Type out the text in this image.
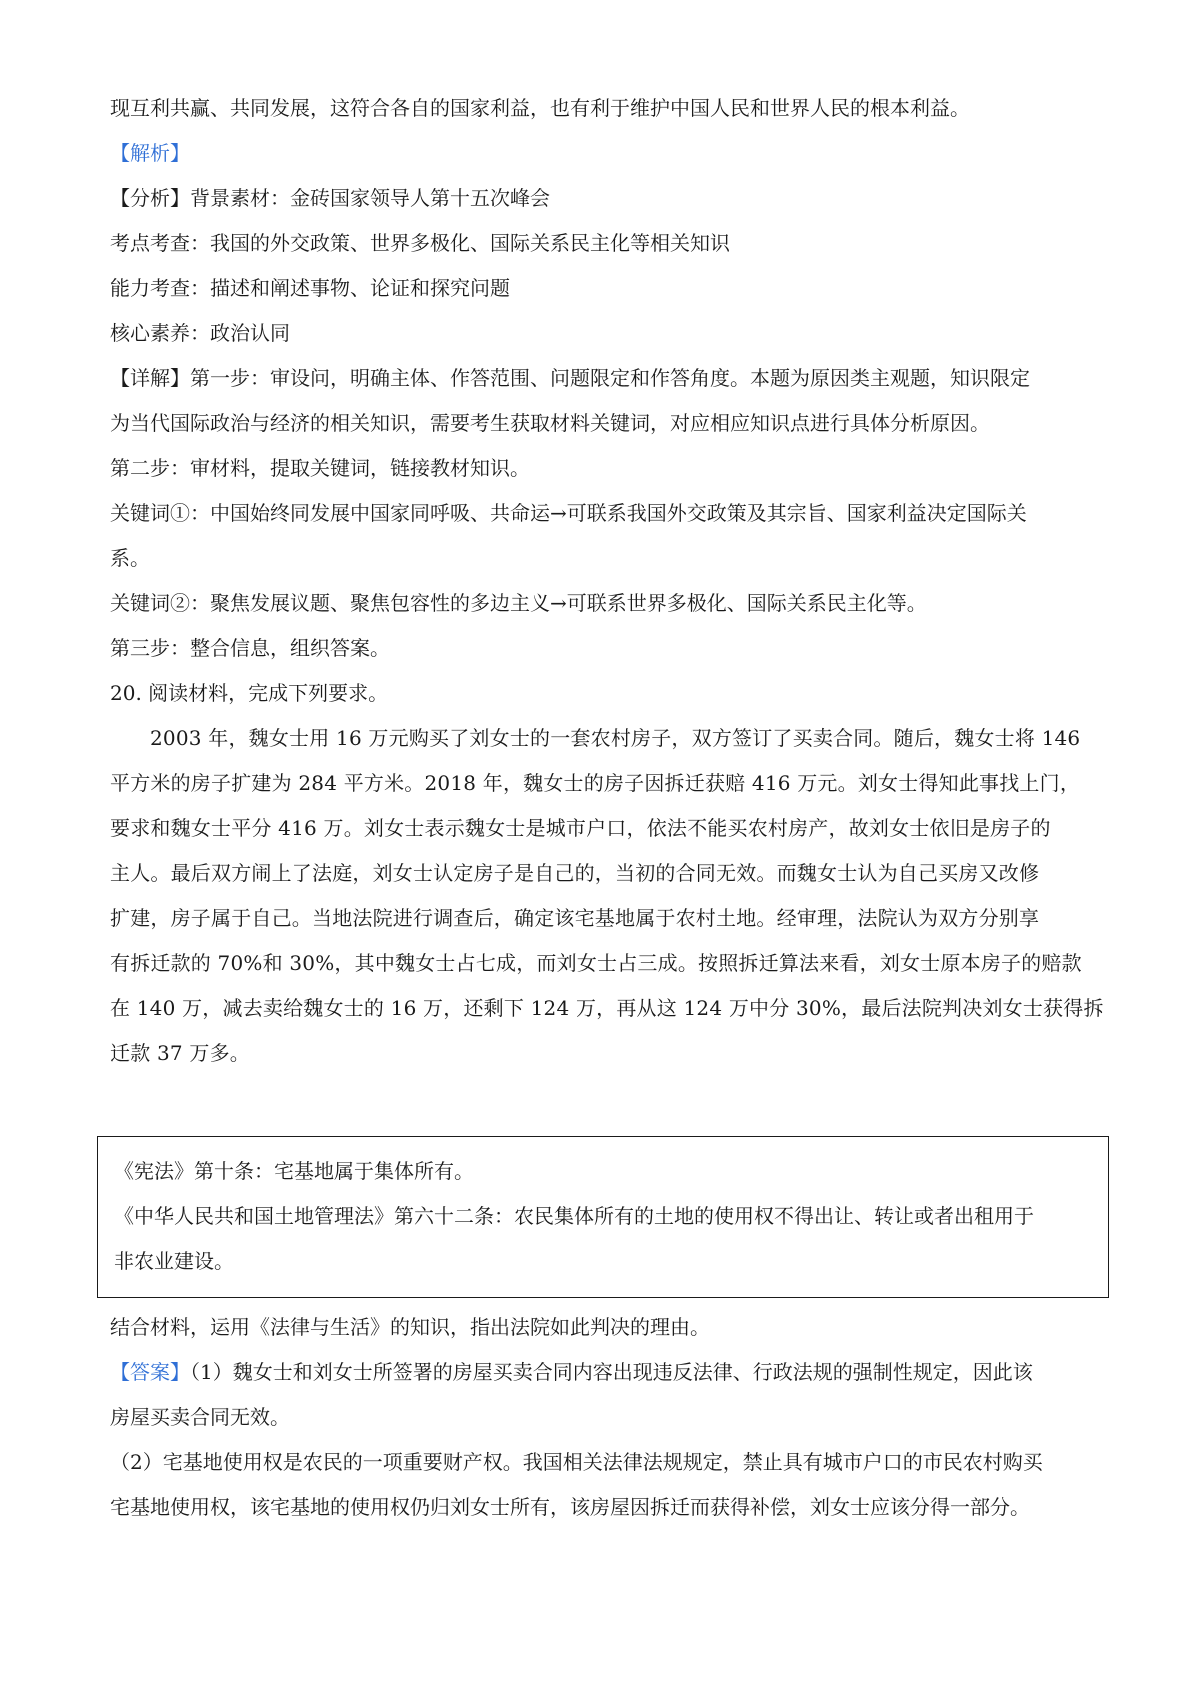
现互利共赢、共同发展，这符合各自的国家利益，也有利于维护中国人民和世界人民的根本利益。
【解析】
【分析】背景素材：金砖国家领导人第十五次峰会
考点考查：我国的外交政策、世界多极化、国际关系民主化等相关知识
能力考查：描述和阐述事物、论证和探究问题
核心素养：政治认同
【详解】第一步：审设问，明确主体、作答范围、问题限定和作答角度。本题为原因类主观题，知识限定
为当代国际政治与经济的相关知识，需要考生获取材料关键词，对应相应知识点进行具体分析原因。
第二步：审材料，提取关键词，链接教材知识。
关键词①：中国始终同发展中国家同呼吸、共命运→可联系我国外交政策及其宗旨、国家利益决定国际关
系。
关键词②：聚焦发展议题、聚焦包容性的多边主义→可联系世界多极化、国际关系民主化等。
第三步：整合信息，组织答案。
20. 阅读材料，完成下列要求。
2003 年，魏女士用 16 万元购买了刘女士的一套农村房子，双方签订了买卖合同。随后，魏女士将 146
平方米的房子扩建为 284 平方米。2018 年，魏女士的房子因拆迁获赔 416 万元。刘女士得知此事找上门，
要求和魏女士平分 416 万。刘女士表示魏女士是城市户口，依法不能买农村房产，故刘女士依旧是房子的
主人。最后双方闹上了法庭，刘女士认定房子是自己的，当初的合同无效。而魏女士认为自己买房又改修
扩建，房子属于自己。当地法院进行调查后，确定该宅基地属于农村土地。经审理，法院认为双方分别享
有拆迁款的 70%和 30%，其中魏女士占七成，而刘女士占三成。按照拆迁算法来看，刘女士原本房子的赔款
在 140 万，减去卖给魏女士的 16 万，还剩下 124 万，再从这 124 万中分 30%，最后法院判决刘女士获得拆
迁款 37 万多。
《宪法》第十条：宅基地属于集体所有。
《中华人民共和国土地管理法》第六十二条：农民集体所有的土地的使用权不得出让、转让或者出租用于
非农业建设。
结合材料，运用《法律与生活》的知识，指出法院如此判决的理由。
【答案】（1）魏女士和刘女士所签署的房屋买卖合同内容出现违反法律、行政法规的强制性规定，因此该
房屋买卖合同无效。
（2）宅基地使用权是农民的一项重要财产权。我国相关法律法规规定，禁止具有城市户口的市民农村购买
宅基地使用权，该宅基地的使用权仍归刘女士所有，该房屋因拆迁而获得补偿，刘女士应该分得一部分。
